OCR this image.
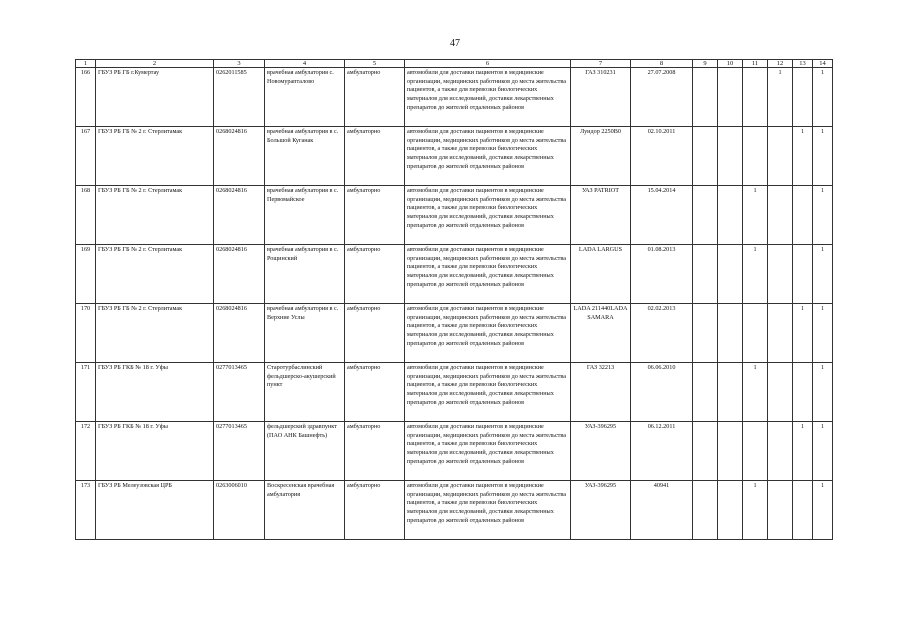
47
1	2	3	4	5	6	7	8	9	10	11	12	13	14
166	ГБУЗ РБ ГБ г.Кумертау	0262011585	врачебная амбулатория с. Новомурапталово	амбулаторно	автомобили для доставки пациентов в медицинские организации, медицинских работников до места жительства пациентов, а также для перевозки биологических материалов для исследований, доставки лекарственных препаратов до жителей отдаленных районов	ГАЗ 310231	27.07.2008				1		1
167	ГБУЗ РБ ГБ № 2 г. Стерлитамак	0268024816	врачебная амбулатория в с. Большой Куганак	амбулаторно	автомобили для доставки пациентов в медицинские организации, медицинских работников до места жительства пациентов, а также для перевозки биологических материалов для исследований, доставки лекарственных препаратов до жителей отдаленных районов	Луидор 2250В0	02.10.2011					1	1
168	ГБУЗ РБ ГБ № 2 г. Стерлитамак	0268024816	врачебная амбулатория в с. Первомайское	амбулаторно	автомобили для доставки пациентов в медицинские организации, медицинских работников до места жительства пациентов, а также для перевозки биологических материалов для исследований, доставки лекарственных препаратов до жителей отдаленных районов	УАЗ PATRIOT	15.04.2014			1			1
169	ГБУЗ РБ ГБ № 2 г. Стерлитамак	0268024816	врачебная амбулатория в с. Рощинский	амбулаторно	автомобили для доставки пациентов в медицинские организации, медицинских работников до места жительства пациентов, а также для перевозки биологических материалов для исследований, доставки лекарственных препаратов до жителей отдаленных районов	LADA LARGUS	01.08.2013			1			1
170	ГБУЗ РБ ГБ № 2 г. Стерлитамак	0268024816	врачебная амбулатория в с. Верхние Услы	амбулаторно	автомобили для доставки пациентов в медицинские организации, медицинских работников до места жительства пациентов, а также для перевозки биологических материалов для исследований, доставки лекарственных препаратов до жителей отдаленных районов	LADA 211440LADA SAMARA	02.02.2013					1	1
171	ГБУЗ РБ ГКБ № 18 г. Уфы	0277013465	Старотурбаслинский фельдшерско-акушерский пункт	амбулаторно	автомобили для доставки пациентов в медицинские организации, медицинских работников до места жительства пациентов, а также для перевозки биологических материалов для исследований, доставки лекарственных препаратов до жителей отдаленных районов	ГАЗ 32213	06.06.2010			1			1
172	ГБУЗ РБ ГКБ № 18 г. Уфы	0277013465	фельдшерский здравпункт (ПАО АНК Башнефть)	амбулаторно	автомобили для доставки пациентов в медицинские организации, медицинских работников до места жительства пациентов, а также для перевозки биологических материалов для исследований, доставки лекарственных препаратов до жителей отдаленных районов	УАЗ-396295	06.12.2011					1	1
173	ГБУЗ РБ Мелеузовская ЦРБ	0263006010	Воскресенская врачебная амбулатория	амбулаторно	автомобили для доставки пациентов в медицинские организации, медицинских работников до места жительства пациентов, а также для перевозки биологических материалов для исследований, доставки лекарственных препаратов до жителей отдаленных районов	УАЗ-396295	40941			1			1
